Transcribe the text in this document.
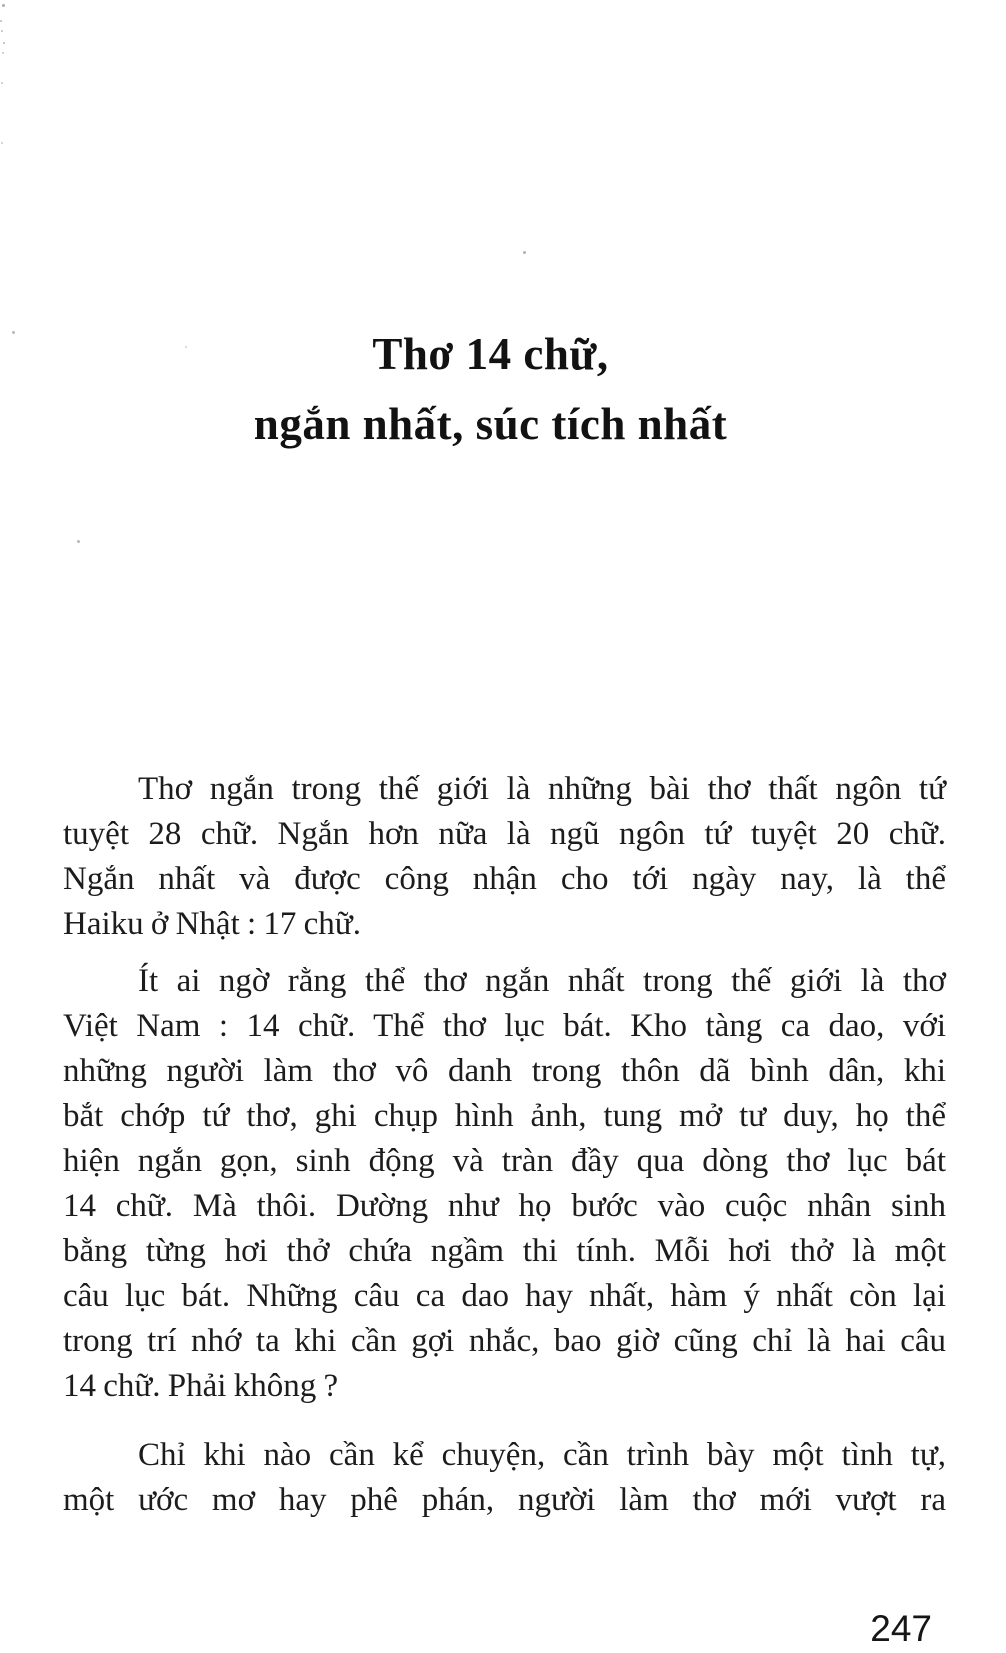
Thơ 14 chữ,
ngắn nhất, súc tích nhất
Thơ ngắn trong thế giới là những bài thơ thất ngôn tứ
tuyệt 28 chữ. Ngắn hơn nữa là ngũ ngôn tứ tuyệt 20 chữ.
Ngắn nhất và được công nhận cho tới ngày nay, là thể
Haiku ở Nhật : 17 chữ.
Ít ai ngờ rằng thể thơ ngắn nhất trong thế giới là thơ
Việt Nam : 14 chữ. Thể thơ lục bát. Kho tàng ca dao, với
những người làm thơ vô danh trong thôn dã bình dân, khi
bắt chớp tứ thơ, ghi chụp hình ảnh, tung mở tư duy, họ thể
hiện ngắn gọn, sinh động và tràn đầy qua dòng thơ lục bát
14 chữ. Mà thôi. Dường như họ bước vào cuộc nhân sinh
bằng từng hơi thở chứa ngầm thi tính. Mỗi hơi thở là một
câu lục bát. Những câu ca dao hay nhất, hàm ý nhất còn lại
trong trí nhớ ta khi cần gợi nhắc, bao giờ cũng chỉ là hai câu
14 chữ. Phải không ?
Chỉ khi nào cần kể chuyện, cần trình bày một tình tự,
một ước mơ hay phê phán, người làm thơ mới vượt ra
247
